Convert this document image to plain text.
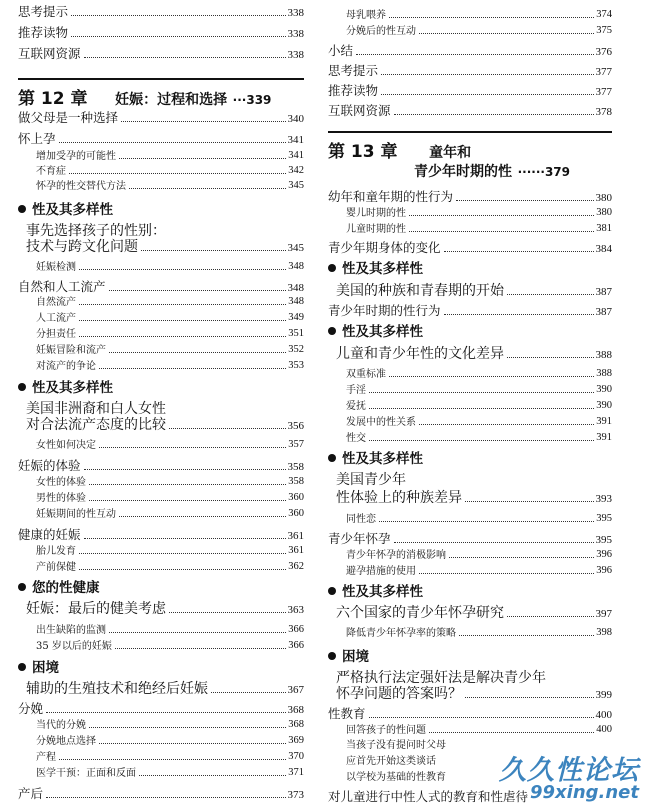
思考提示	338
推荐读物	338
互联网资源	338
第 12 章 妊娠：过程和选择 ···339
做父母是一种选择	340
怀上孕	341
增加受孕的可能性	341
不育症	342
怀孕的性交替代方法	345
性及其多样性
事先选择孩子的性别：
技术与跨文化问题	345
妊娠检测	348
自然和人工流产	348
自然流产	348
人工流产	349
分担责任	351
妊娠冒险和流产	352
对流产的争论	353
性及其多样性
美国非洲裔和白人女性
对合法流产态度的比较	356
女性如何决定	357
妊娠的体验	358
女性的体验	358
男性的体验	360
妊娠期间的性互动	360
健康的妊娠	361
胎儿发育	361
产前保健	362
您的性健康
妊娠：最后的健美考虑	363
出生缺陷的监测	366
35 岁以后的妊娠	366
困境
辅助的生殖技术和绝经后妊娠	367
分娩	368
当代的分娩	368
分娩地点选择	369
产程	370
医学干预：正面和反面	371
产后	373
母乳喂养	374
分娩后的性互动	375
小结	376
思考提示	377
推荐读物	377
互联网资源	378
第 13 章 童年和
青少年时期的性 ······379
幼年和童年期的性行为	380
婴儿时期的性	380
儿童时期的性	381
青少年期身体的变化	384
性及其多样性
美国的种族和青春期的开始	387
青少年时期的性行为	387
性及其多样性
儿童和青少年性的文化差异	388
双重标准	388
手淫	390
爱抚	390
发展中的性关系	391
性交	391
性及其多样性
美国青少年
性体验上的种族差异	393
同性恋	395
青少年怀孕	395
青少年怀孕的消极影响	396
避孕措施的使用	396
性及其多样性
六个国家的青少年怀孕研究	397
降低青少年怀孕率的策略	398
困境
严格执行法定强奸法是解决青少年
怀孕问题的答案吗？	399
性教育	400
回答孩子的性问题	400
当孩子没有提问时父母
应首先开始这类谈话
以学校为基础的性教育
对儿童进行中性人式的教育和性虐待
久久性论坛
99xing.net
